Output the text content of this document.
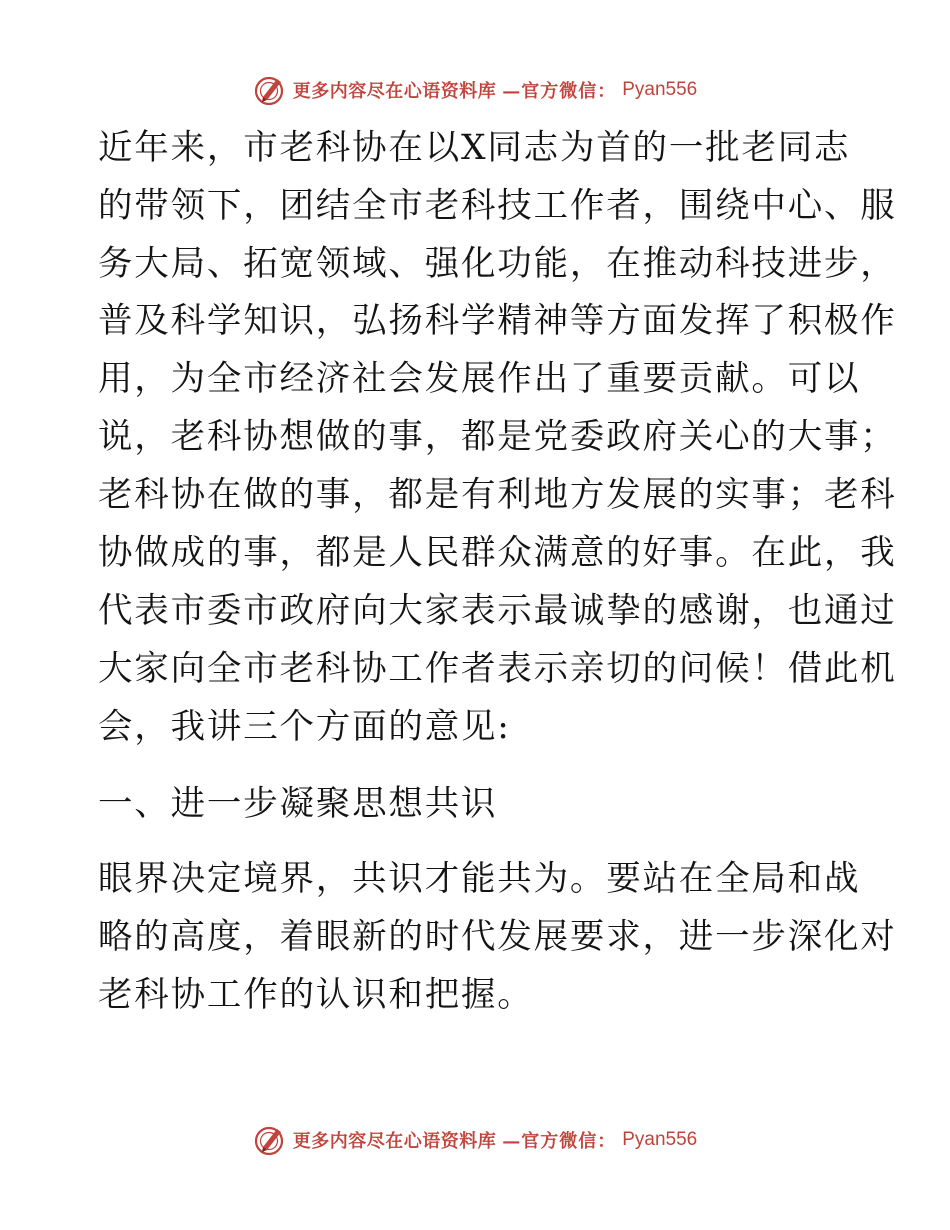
更多内容尽在心语资料库 —官方微信： Pyan556
近年来，市老科协在以X同志为首的一批老同志
的带领下，团结全市老科技工作者，围绕中心、服
务大局、拓宽领域、强化功能，在推动科技进步，
普及科学知识，弘扬科学精神等方面发挥了积极作
用，为全市经济社会发展作出了重要贡献。可以
说，老科协想做的事，都是党委政府关心的大事；
老科协在做的事，都是有利地方发展的实事；老科
协做成的事，都是人民群众满意的好事。在此，我
代表市委市政府向大家表示最诚挚的感谢，也通过
大家向全市老科协工作者表示亲切的问候！借此机
会，我讲三个方面的意见:
一、进一步凝聚思想共识
眼界决定境界，共识才能共为。要站在全局和战
略的高度，着眼新的时代发展要求，进一步深化对
老科协工作的认识和把握。
更多内容尽在心语资料库 —官方微信： Pyan556
